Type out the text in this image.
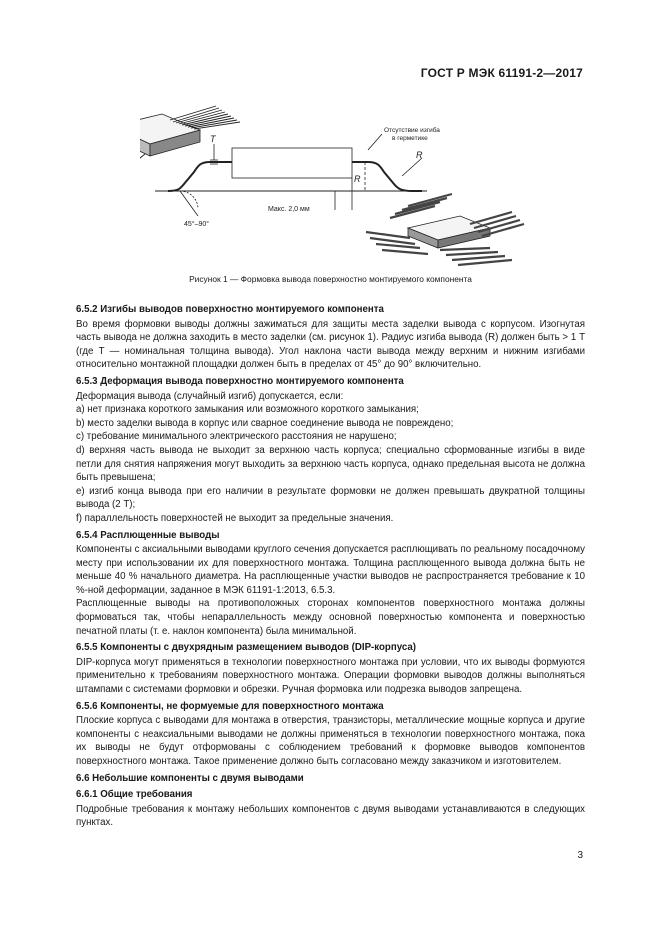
ГОСТ Р МЭК 61191-2—2017
T
Отсутствие изгиба
в герметике
R
R
45°–90°
Макс. 2,0 мм
Рисунок 1 — Формовка вывода поверхностно монтируемого компонента
6.5.2 Изгибы выводов поверхностно монтируемого компонента
Во время формовки выводы должны зажиматься для защиты места заделки вывода с корпусом. Изогнутая часть вывода не должна заходить в место заделки (см. рисунок 1). Радиус изгиба вывода (R) должен быть > 1 T (где T — номинальная толщина вывода). Угол наклона части вывода между верхним и нижним изгибами относительно монтажной площадки должен быть в пределах от 45° до 90° включительно.
6.5.3 Деформация вывода поверхностно монтируемого компонента
Деформация вывода (случайный изгиб) допускается, если:
a) нет признака короткого замыкания или возможного короткого замыкания;
b) место заделки вывода в корпус или сварное соединение вывода не повреждено;
c) требование минимального электрического расстояния не нарушено;
d) верхняя часть вывода не выходит за верхнюю часть корпуса; специально сформованные изгибы в виде петли для снятия напряжения могут выходить за верхнюю часть корпуса, однако предельная высота не должна быть превышена;
e) изгиб конца вывода при его наличии в результате формовки не должен превышать двукратной толщины вывода (2 T);
f) параллельность поверхностей не выходит за предельные значения.
6.5.4 Расплющенные выводы
Компоненты с аксиальными выводами круглого сечения допускается расплющивать по реальному посадочному месту при использовании их для поверхностного монтажа. Толщина расплющенного вывода должна быть не меньше 40 % начального диаметра. На расплющенные участки выводов не распространяется требование к 10 %-ной деформации, заданное в МЭК 61191-1:2013, 6.5.3.
Расплющенные выводы на противоположных сторонах компонентов поверхностного монтажа должны формоваться так, чтобы непараллельность между основной поверхностью компонента и поверхностью печатной платы (т. е. наклон компонента) была минимальной.
6.5.5 Компоненты с двухрядным размещением выводов (DIP-корпуса)
DIP-корпуса могут применяться в технологии поверхностного монтажа при условии, что их выводы формуются применительно к требованиям поверхностного монтажа. Операции формовки выводов должны выполняться штампами с системами формовки и обрезки. Ручная формовка или подрезка выводов запрещена.
6.5.6 Компоненты, не формуемые для поверхностного монтажа
Плоские корпуса с выводами для монтажа в отверстия, транзисторы, металлические мощные корпуса и другие компоненты с неаксиальными выводами не должны применяться в технологии поверхностного монтажа, пока их выводы не будут отформованы с соблюдением требований к формовке выводов компонентов поверхностного монтажа. Такое применение должно быть согласовано между заказчиком и изготовителем.
6.6 Небольшие компоненты с двумя выводами
6.6.1 Общие требования
Подробные требования к монтажу небольших компонентов с двумя выводами устанавливаются в следующих пунктах.
3
